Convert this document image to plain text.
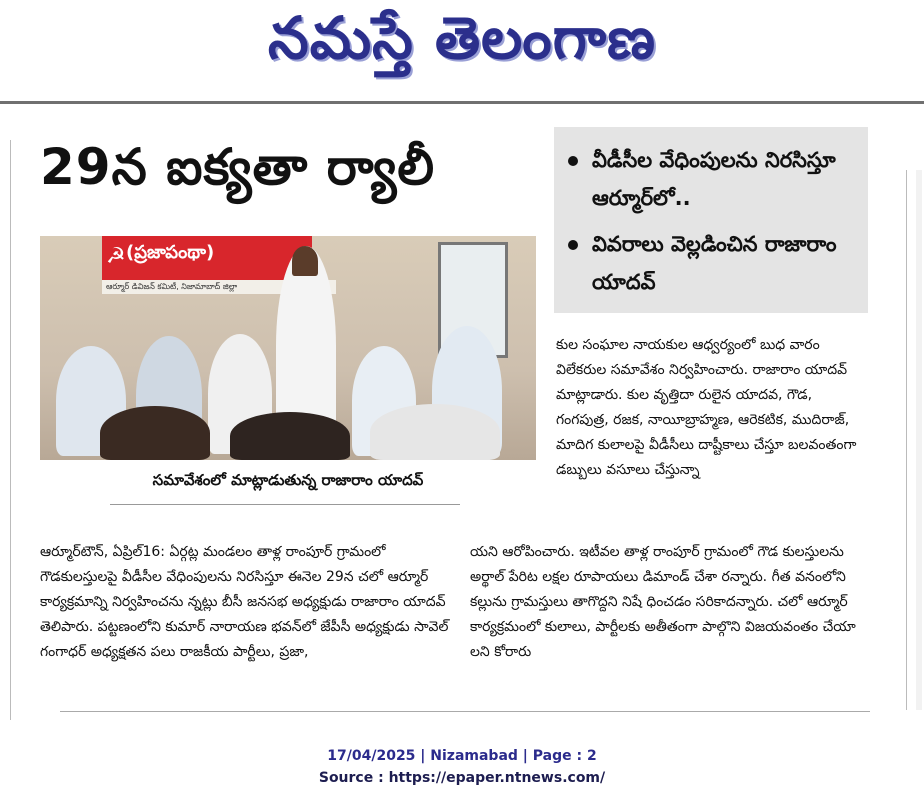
నమస్తే తెలంగాణ
29న ఐక్యతా ర్యాలీ	వీడీసీల వేధింపులను నిరసిస్తూ ఆర్మూర్‌లో..
వివరాలు వెల్లడించిన రాజారాం యాదవ్
☭ (ప్రజాపంథా)
ఆర్మూర్ డివిజన్ కమిటీ, నిజామాబాద్ జిల్లా
సమావేశంలో మాట్లాడుతున్న రాజారాం యాదవ్

ఆర్మూర్‌టౌన్, ఏప్రిల్16: ఏర్గట్ల మండలం తాళ్ల రాంపూర్ గ్రామంలో గౌడకులస్తులపై వీడీసీల వేధింపులను నిరసిస్తూ ఈనెల 29న చలో ఆర్మూర్ కార్యక్రమాన్ని నిర్వహించను న్నట్లు బీసీ జనసభ అధ్యక్షుడు రాజారాం యాదవ్ తెలిపారు. పట్టణంలోని కుమార్ నారాయణ భవన్‌లో జేపీసీ అధ్యక్షుడు సావెల్ గంగాధర్ అధ్యక్షతన పలు రాజకీయ పార్టీలు, ప్రజా,

కుల సంఘాల నాయకుల ఆధ్వర్యంలో బుధ వారం విలేకరుల సమావేశం నిర్వహించారు. రాజారాం యాదవ్ మాట్లాడారు. కుల వృత్తిదా రులైన యాదవ, గౌడ, గంగపుత్ర, రజక, నాయీబ్రాహ్మణ, ఆరెకటిక, ముదిరాజ్, మాదిగ కులాలపై వీడీసీలు దాష్టీకాలు చేస్తూ బలవంతంగా డబ్బులు వసూలు చేస్తున్నా

యని ఆరోపించారు. ఇటీవల తాళ్ల రాంపూర్ గ్రామంలో గౌడ కులస్తులను అర్థాల్ పేరిట లక్షల రూపాయలు డిమాండ్ చేశా రన్నారు. గీత వనంలోని కల్లును గ్రామస్తులు తాగొద్దని నిషే ధించడం సరికాదన్నారు. చలో ఆర్మూర్ కార్యక్రమంలో కులాలు, పార్టీలకు అతీతంగా పాల్గొని విజయవంతం చేయా లని కోరారు

17/04/2025 | Nizamabad | Page : 2
Source : https://epaper.ntnews.com/
